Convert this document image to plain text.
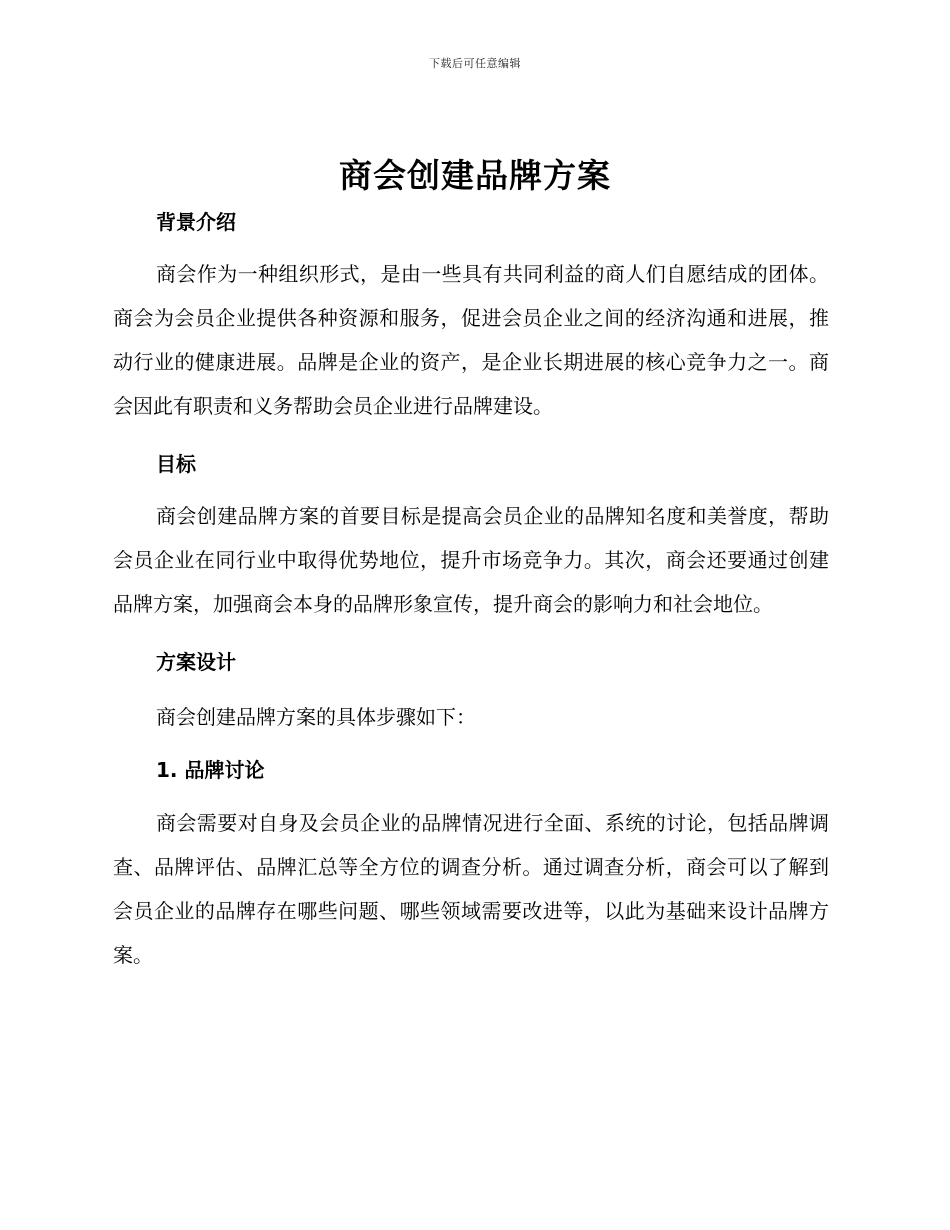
下载后可任意编辑
商会创建品牌方案
背景介绍

商会作为一种组织形式，是由一些具有共同利益的商人们自愿结成的团体。商会为会员企业提供各种资源和服务，促进会员企业之间的经济沟通和进展，推动行业的健康进展。品牌是企业的资产，是企业长期进展的核心竞争力之一。商会因此有职责和义务帮助会员企业进行品牌建设。

目标

商会创建品牌方案的首要目标是提高会员企业的品牌知名度和美誉度，帮助会员企业在同行业中取得优势地位，提升市场竞争力。其次，商会还要通过创建品牌方案，加强商会本身的品牌形象宣传，提升商会的影响力和社会地位。

方案设计

商会创建品牌方案的具体步骤如下：

1. 品牌讨论

商会需要对自身及会员企业的品牌情况进行全面、系统的讨论，包括品牌调查、品牌评估、品牌汇总等全方位的调查分析。通过调查分析，商会可以了解到会员企业的品牌存在哪些问题、哪些领域需要改进等，以此为基础来设计品牌方案。
